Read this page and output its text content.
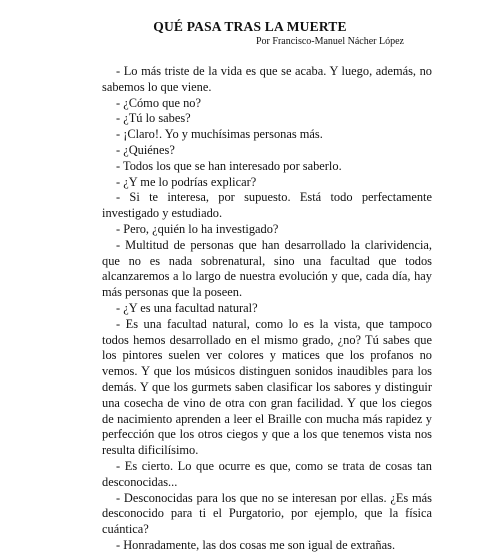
QUÉ PASA TRAS LA MUERTE

Por Francisco-Manuel Nácher López

- Lo más triste de la vida es que se acaba. Y luego, además, no sabemos lo que viene.

- ¿Cómo que no?

- ¿Tú lo sabes?

- ¡Claro!. Yo y muchísimas personas más.

- ¿Quiénes?

- Todos los que se han interesado por saberlo.

- ¿Y me lo podrías explicar?

- Si te interesa, por supuesto. Está todo perfectamente investigado y estudiado.

- Pero, ¿quién lo ha investigado?

- Multitud de personas que han desarrollado la clarividencia, que no es nada sobrenatural, sino una facultad que todos alcanzaremos a lo largo de nuestra evolución y que, cada día, hay más personas que la poseen.

- ¿Y es una facultad natural?

- Es una facultad natural, como lo es la vista, que tampoco todos hemos desarrollado en el mismo grado, ¿no? Tú sabes que los pintores suelen ver colores y matices que los profanos no vemos. Y que los músicos distinguen sonidos inaudibles para los demás. Y que los gurmets saben clasificar los sabores y distinguir una cosecha de vino de otra con gran facilidad. Y que los ciegos de nacimiento aprenden a leer el Braille con mucha más rapidez y perfección que los otros ciegos y que a los que tenemos vista nos resulta dificilísimo.

- Es cierto. Lo que ocurre es que, como se trata de cosas tan desconocidas...

- Desconocidas para los que no se interesan por ellas. ¿Es más desconocido para ti el Purgatorio, por ejemplo, que la física cuántica?

- Honradamente, las dos cosas me son igual de extrañas.
